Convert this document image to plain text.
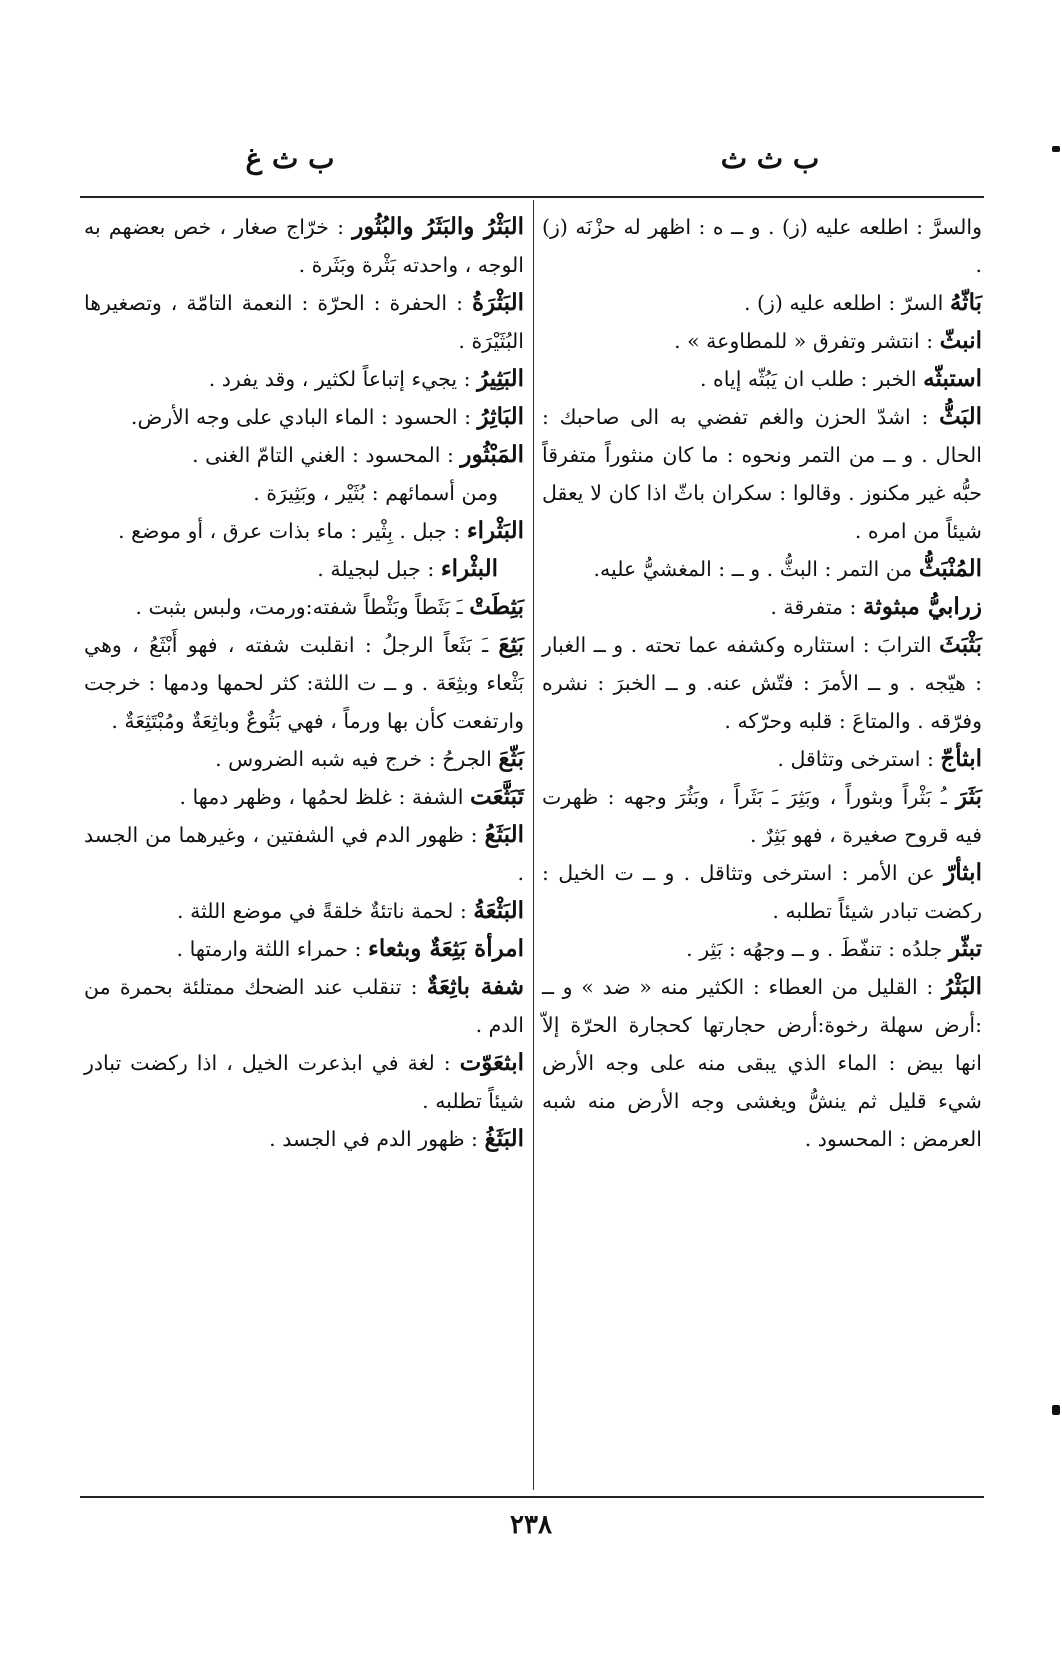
ب ث ث
ب ث غ

والسرَّ : اطلعه عليه (ز) . و ــ ه : اظهر له حزْنَه (ز) .

بَاثّهُ السرّ : اطلعه عليه (ز) .

انبثّ : انتشر وتفرق « للمطاوعة » .

استبثّه الخبر : طلب ان يَبُثّه إياه .

البَثُّ : اشدّ الحزن والغم تفضي به الى صاحبك : الحال . و ــ من التمر ونحوه : ما كان منثوراً متفرقاً حبُّه غير مكنوز . وقالوا : سكران باثّ اذا كان لا يعقل شيئاً من امره .

المُنْبَثُّ من التمر : البثُّ . و ــ : المغشيُّ عليه.

زرابيُّ مبثوثة : متفرقة .

بَثْبَثَ الترابَ : استثاره وكشفه عما تحته . و ــ الغبار : هيّجه . و ــ الأمرَ : فتّش عنه. و ــ الخبرَ : نشره وفرّقه . والمتاعَ : قلبه وحرّكه .

ابثأجّ : استرخى وتثاقل .

بَثَرَ ـُ بَثْراً وبثوراً ، وبَثِرَ ـَ بَثَراً ، وبَثُرَ وجهه : ظهرت فيه قروح صغيرة ، فهو بَثِرٌ .

ابثأرّ عن الأمر : استرخى وتثاقل . و ــ ت الخيل : ركضت تبادر شيئاً تطلبه .

تبثّر جلدُه : تنفّطَ . و ــ وجهُه : بَثِر .

البَثْرُ : القليل من العطاء : الكثير منه « ضد » و ــ :أرض سهلة رخوة:أرض حجارتها كحجارة الحرّة إلاّ انها بيض : الماء الذي يبقى منه على وجه الأرض شيء قليل ثم ينشُّ ويغشى وجه الأرض منه شبه العرمض : المحسود .

البَثْرُ والبَثَرُ والبُثُور : خرّاج صغار ، خص بعضهم به الوجه ، واحدته بَثْرة وبَثَرة .

البَثْرَةُ : الحفرة : الحرّة : النعمة التامّة ، وتصغيرها البُثَيْرَة .

البَثِيرُ : يجيء إتباعاً لكثير ، وقد يفرد .

البَاثِرُ : الحسود : الماء البادي على وجه الأرض.

المَبْثُور : المحسود : الغني التامّ الغنى .

ومن أسمائهم : بُثَيْر ، وبَثِيرَة .

البَثْراء : جبل . بِثْير : ماء بذات عرق ، أو موضع .

البثْراء : جبل لبجيلة .

بَثِطَتْ ـَ بَثَطاً وبَثْطاً شفته:ورمت، ولبس بثبت .

بَثِعَ ـَ بَثَعاً الرجلُ : انقلبت شفته ، فهو أَبْثَعُ ، وهي بَثْعاء وبثِعَة . و ــ ت اللثة: كثر لحمها ودمها : خرجت وارتفعت كأن بها ورماً ، فهي بَثُوعٌ وباثِعَةٌ ومُبْتَثِعَةٌ .

بَثّعَ الجرحُ : خرج فيه شبه الضروس .

تَبَثَّعَت الشفة : غلظ لحمُها ، وظهر دمها .

البَثَعُ : ظهور الدم في الشفتين ، وغيرهما من الجسد .

البَثْعَةُ : لحمة ناتئةٌ خلقةً في موضع اللثة .

امرأة بَثِعَةٌ وبثعاء : حمراء اللثة وارمتها .

شفة باثِعَةٌ : تنقلب عند الضحك ممتلئة بحمرة من الدم .

ابثعَوّت : لغة في ابذعرت الخيل ، اذا ركضت تبادر شيئاً تطلبه .

البَثَغُ : ظهور الدم في الجسد .

٢٣٨
